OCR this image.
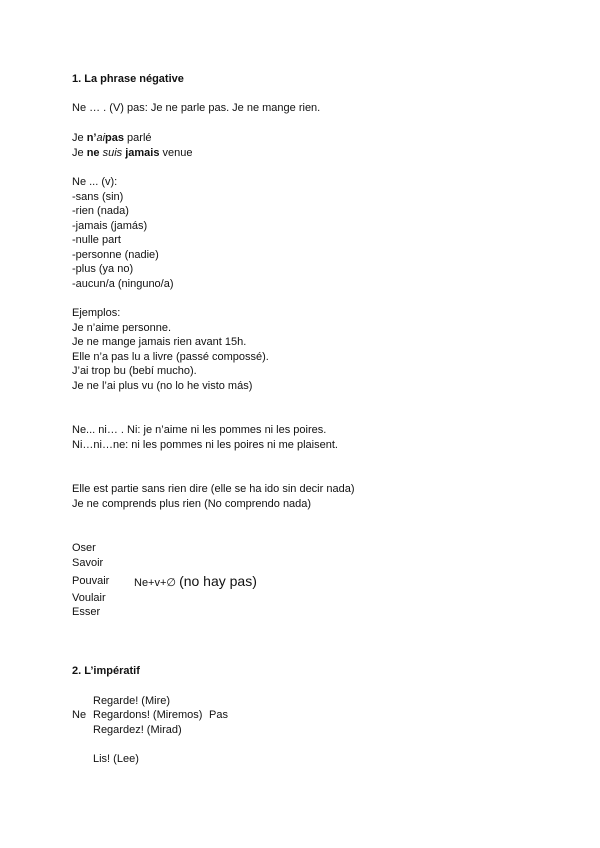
1. La phrase négative
Ne … . (V) pas: Je ne parle pas. Je ne mange rien.
Je n’aipas parlé
Je ne suis jamais venue
Ne ... (v):
-sans (sin)
-rien (nada)
-jamais (jamás)
-nulle part
-personne (nadie)
-plus (ya no)
-aucun/a (ninguno/a)
Ejemplos:
Je n’aime personne.
Je ne mange jamais rien avant 15h.
Elle n’a pas lu a livre (passé compossé).
J’ai trop bu (bebí mucho).
Je ne l’ai plus vu (no lo he visto más)
Ne... ni… . Ni: je n’aime ni les pommes ni les poires.
Ni…ni…ne: ni les pommes ni les poires ni me plaisent.
Elle est partie sans rien dire (elle se ha ido sin decir nada)
Je ne comprends plus rien (No comprendo nada)
Oser
Savoir
Pouvair Ne+v+∅ (no hay pas)
Voulair
Esser
2. L’impératif
Regarde! (Mire)
Ne Regardons! (Miremos) Pas
Regardez! (Mirad)
Lis! (Lee)
